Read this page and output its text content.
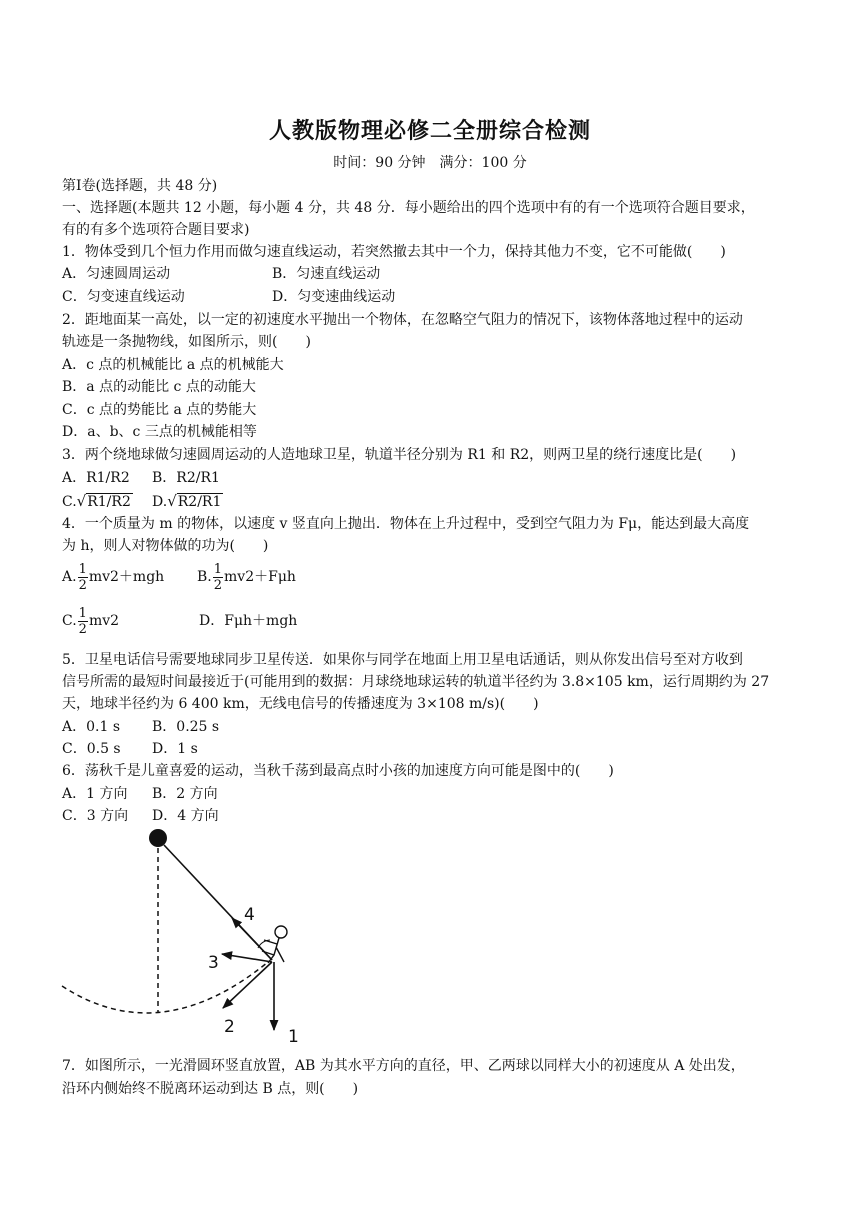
人教版物理必修二全册综合检测
时间：90 分钟　满分：100 分
第Ⅰ卷(选择题，共 48 分)
一、选择题(本题共 12 小题，每小题 4 分，共 48 分．每小题给出的四个选项中有的有一个选项符合题目要求，
有的有多个选项符合题目要求)
1．物体受到几个恒力作用而做匀速直线运动，若突然撤去其中一个力，保持其他力不变，它不可能做(　　)
A．匀速圆周运动	B．匀速直线运动
C．匀变速直线运动	D．匀变速曲线运动
2．距地面某一高处，以一定的初速度水平抛出一个物体，在忽略空气阻力的情况下，该物体落地过程中的运动
轨迹是一条抛物线，如图所示，则(　　)
A．c 点的机械能比 a 点的机械能大
B．a 点的动能比 c 点的动能大
C．c 点的势能比 a 点的势能大
D．a、b、c 三点的机械能相等
3．两个绕地球做匀速圆周运动的人造地球卫星，轨道半径分别为 R1 和 R2，则两卫星的绕行速度比是(　　)
A．R1/R2 B．R2/R1
C.√R1/R2 D.√R2/R1
4．一个质量为 m 的物体，以速度 v 竖直向上抛出．物体在上升过程中，受到空气阻力为 Fμ，能达到最大高度
为 h，则人对物体做的功为(　　)
A. $\frac{1}{2} mv2+mgh$ B. $\frac{1}{2} mv2+F\mu h$
C. $\frac{1}{2} mv2$	D．Fμh＋mgh
5．卫星电话信号需要地球同步卫星传送．如果你与同学在地面上用卫星电话通话，则从你发出信号至对方收到
信号所需的最短时间最接近于(可能用到的数据：月球绕地球运转的轨道半径约为 3.8×105 km，运行周期约为 27
天，地球半径约为 6 400 km，无线电信号的传播速度为 3×108 m/s)(　　)
A．0.1 s B．0.25 s
C．0.5 s D．1 s
6．荡秋千是儿童喜爱的运动，当秋千荡到最高点时小孩的加速度方向可能是图中的(　　)
A．1 方向 B．2 方向
C．3 方向 D．4 方向
1
2
3
4
7．如图所示，一光滑圆环竖直放置，AB 为其水平方向的直径，甲、乙两球以同样大小的初速度从 A 处出发，
沿环内侧始终不脱离环运动到达 B 点，则(　　)
